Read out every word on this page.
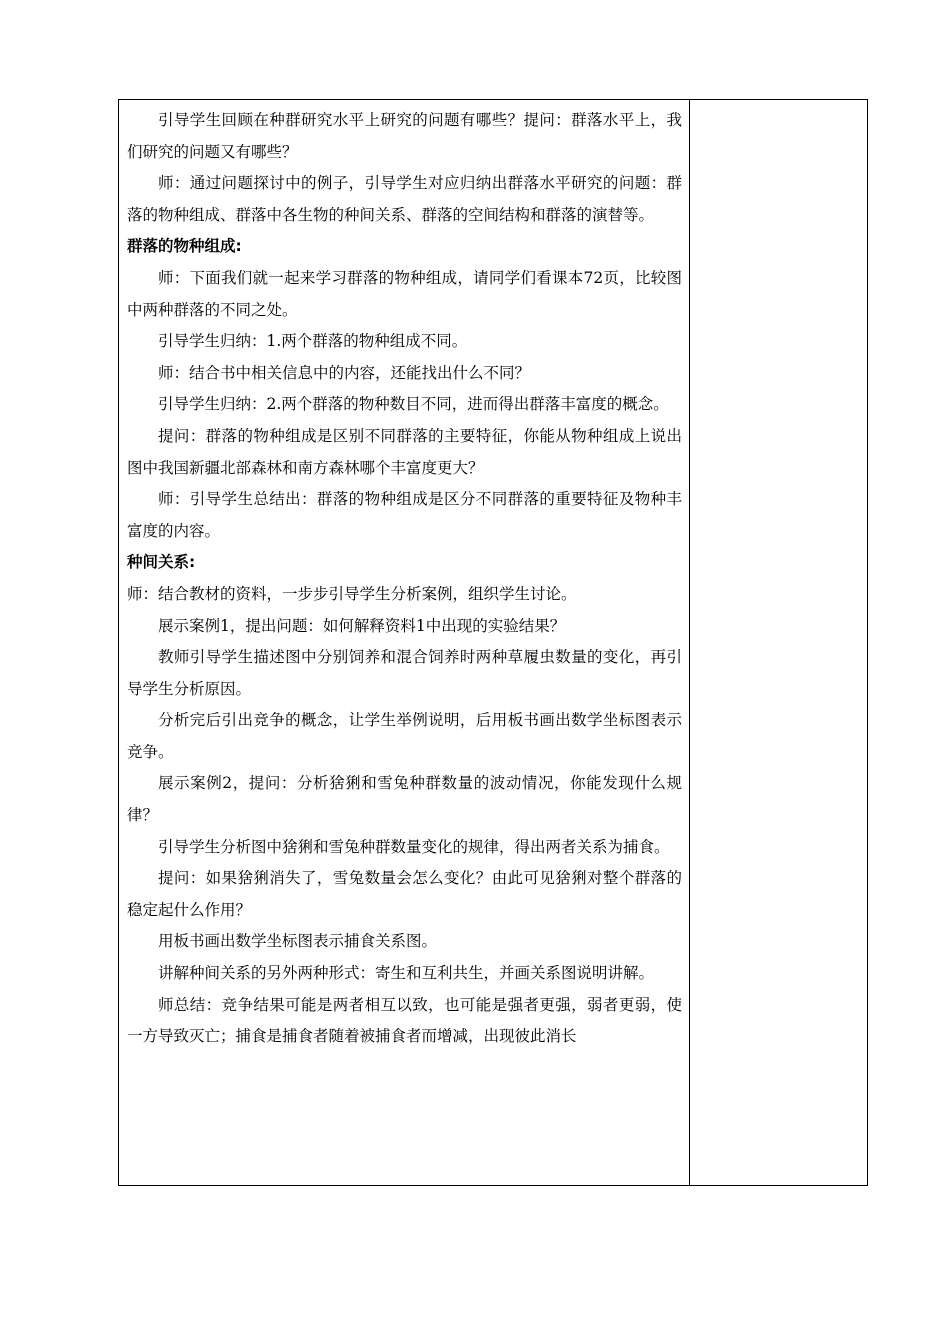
引导学生回顾在种群研究水平上研究的问题有哪些？提问：群落水平上，我们研究的问题又有哪些？

师：通过问题探讨中的例子，引导学生对应归纳出群落水平研究的问题：群落的物种组成、群落中各生物的种间关系、群落的空间结构和群落的演替等。

群落的物种组成:

师：下面我们就一起来学习群落的物种组成，请同学们看课本72页，比较图中两种群落的不同之处。

引导学生归纳：1.两个群落的物种组成不同。

师：结合书中相关信息中的内容，还能找出什么不同？

引导学生归纳：2.两个群落的物种数目不同，进而得出群落丰富度的概念。

提问：群落的物种组成是区别不同群落的主要特征，你能从物种组成上说出图中我国新疆北部森林和南方森林哪个丰富度更大？

师：引导学生总结出：群落的物种组成是区分不同群落的重要特征及物种丰富度的内容。

种间关系:

师：结合教材的资料，一步步引导学生分析案例，组织学生讨论。

展示案例1，提出问题：如何解释资料1中出现的实验结果？

教师引导学生描述图中分别饲养和混合饲养时两种草履虫数量的变化，再引导学生分析原因。

分析完后引出竞争的概念，让学生举例说明，后用板书画出数学坐标图表示竞争。

展示案例2，提问：分析猞猁和雪兔种群数量的波动情况，你能发现什么规律？

引导学生分析图中猞猁和雪兔种群数量变化的规律，得出两者关系为捕食。

提问：如果猞猁消失了，雪兔数量会怎么变化？由此可见猞猁对整个群落的稳定起什么作用？

用板书画出数学坐标图表示捕食关系图。

讲解种间关系的另外两种形式：寄生和互利共生，并画关系图说明讲解。

师总结：竞争结果可能是两者相互以致，也可能是强者更强，弱者更弱，使一方导致灭亡；捕食是捕食者随着被捕食者而增减，出现彼此消长
